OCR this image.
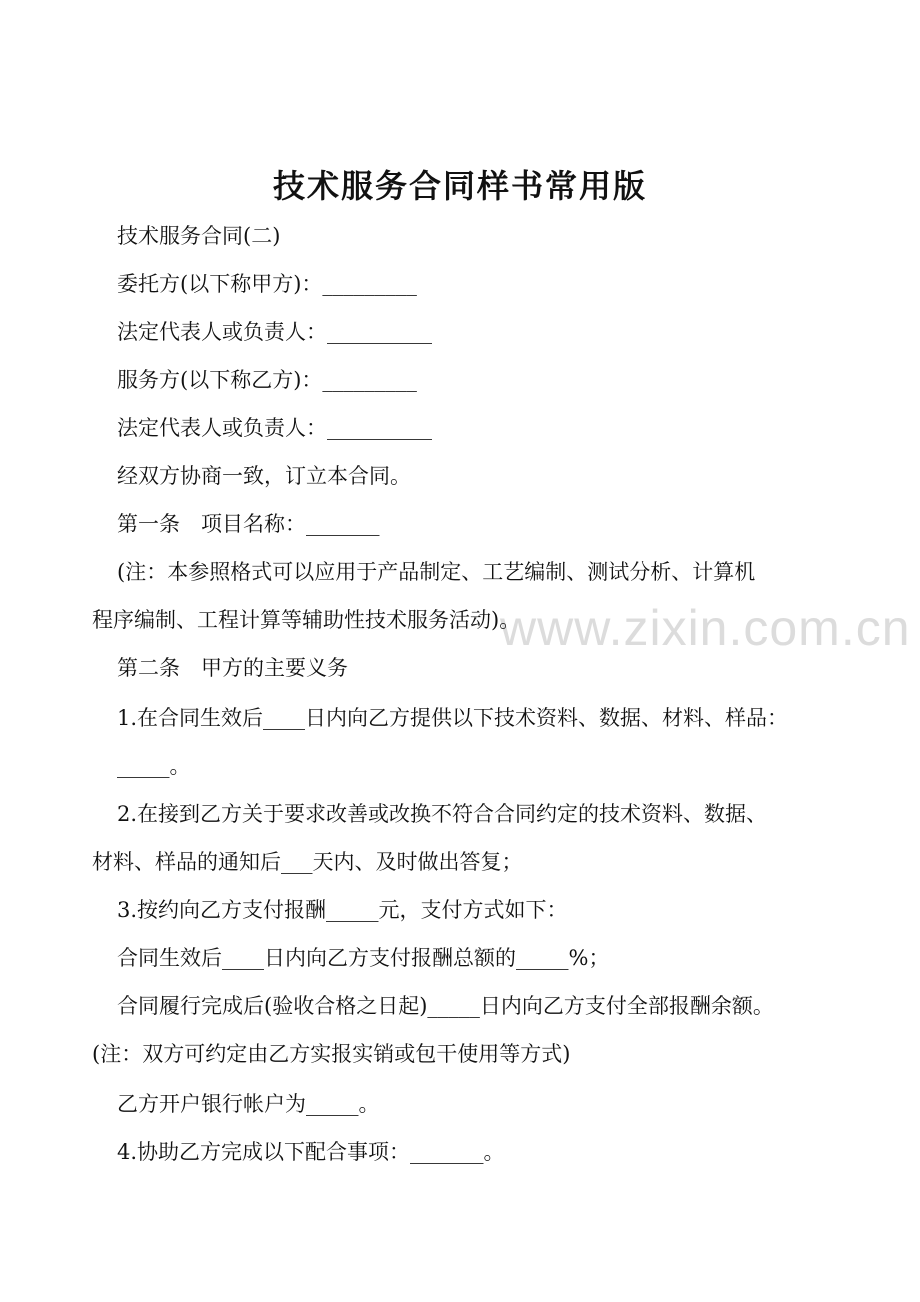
www.zixin.com.cn
技术服务合同样书常用版

技术服务合同(二)

委托方(以下称甲方)：_________

法定代表人或负责人：__________

服务方(以下称乙方)：_________

法定代表人或负责人：__________

经双方协商一致，订立本合同。

第一条　项目名称：_______

(注：本参照格式可以应用于产品制定、工艺编制、测试分析、计算机

程序编制、工程计算等辅助性技术服务活动)。

第二条　甲方的主要义务

1.在合同生效后____日内向乙方提供以下技术资料、数据、材料、样品：

_____。

2.在接到乙方关于要求改善或改换不符合合同约定的技术资料、数据、

材料、样品的通知后___天内、及时做出答复；

3.按约向乙方支付报酬_____元，支付方式如下：

合同生效后____日内向乙方支付报酬总额的_____%；

合同履行完成后(验收合格之日起)_____日内向乙方支付全部报酬余额。

(注：双方可约定由乙方实报实销或包干使用等方式)

乙方开户银行帐户为_____。

4.协助乙方完成以下配合事项：_______。
